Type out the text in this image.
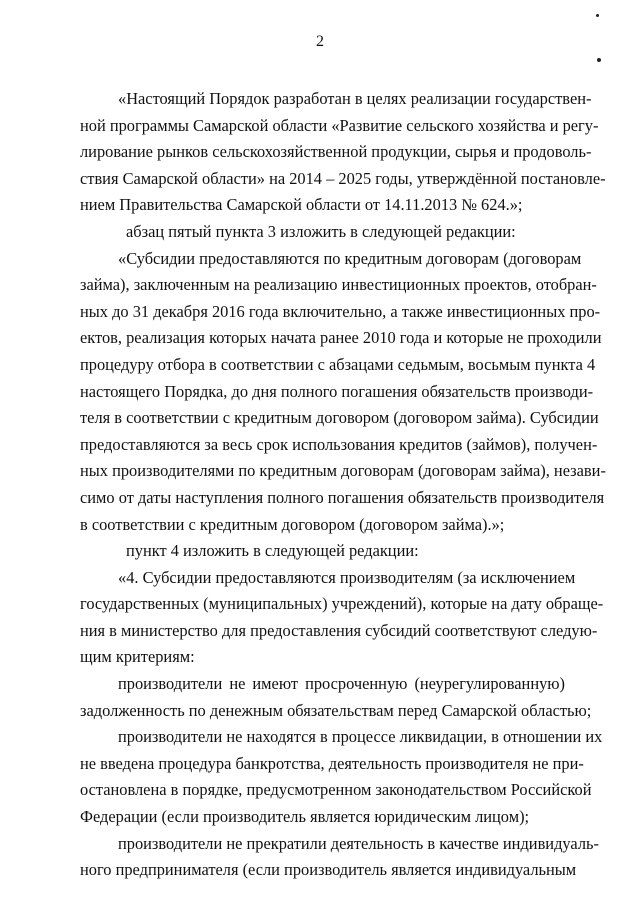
2
«Настоящий Порядок разработан в целях реализации государствен-
ной программы Самарской области «Развитие сельского хозяйства и регу-
лирование рынков сельскохозяйственной продукции, сырья и продоволь-
ствия Самарской области» на 2014 – 2025 годы, утверждённой постановле-
нием Правительства Самарской области от 14.11.2013 № 624.»;
абзац пятый пункта 3 изложить в следующей редакции:
«Субсидии предоставляются по кредитным договорам (договорам
займа), заключенным на реализацию инвестиционных проектов, отобран-
ных до 31 декабря 2016 года включительно, а также инвестиционных про-
ектов, реализация которых начата ранее 2010 года и которые не проходили
процедуру отбора в соответствии с абзацами седьмым, восьмым пункта 4
настоящего Порядка, до дня полного погашения обязательств производи-
теля в соответствии с кредитным договором (договором займа). Субсидии
предоставляются за весь срок использования кредитов (займов), получен-
ных производителями по кредитным договорам (договорам займа), незави-
симо от даты наступления полного погашения обязательств производителя
в соответствии с кредитным договором (договором займа).»;
пункт 4 изложить в следующей редакции:
«4. Субсидии предоставляются производителям (за исключением
государственных (муниципальных) учреждений), которые на дату обраще-
ния в министерство для предоставления субсидий соответствуют следую-
щим критериям:
производители не имеют просроченную (неурегулированную)
задолженность по денежным обязательствам перед Самарской областью;
производители не находятся в процессе ликвидации, в отношении их
не введена процедура банкротства, деятельность производителя не при-
остановлена в порядке, предусмотренном законодательством Российской
Федерации (если производитель является юридическим лицом);
производители не прекратили деятельность в качестве индивидуаль-
ного предпринимателя (если производитель является индивидуальным
